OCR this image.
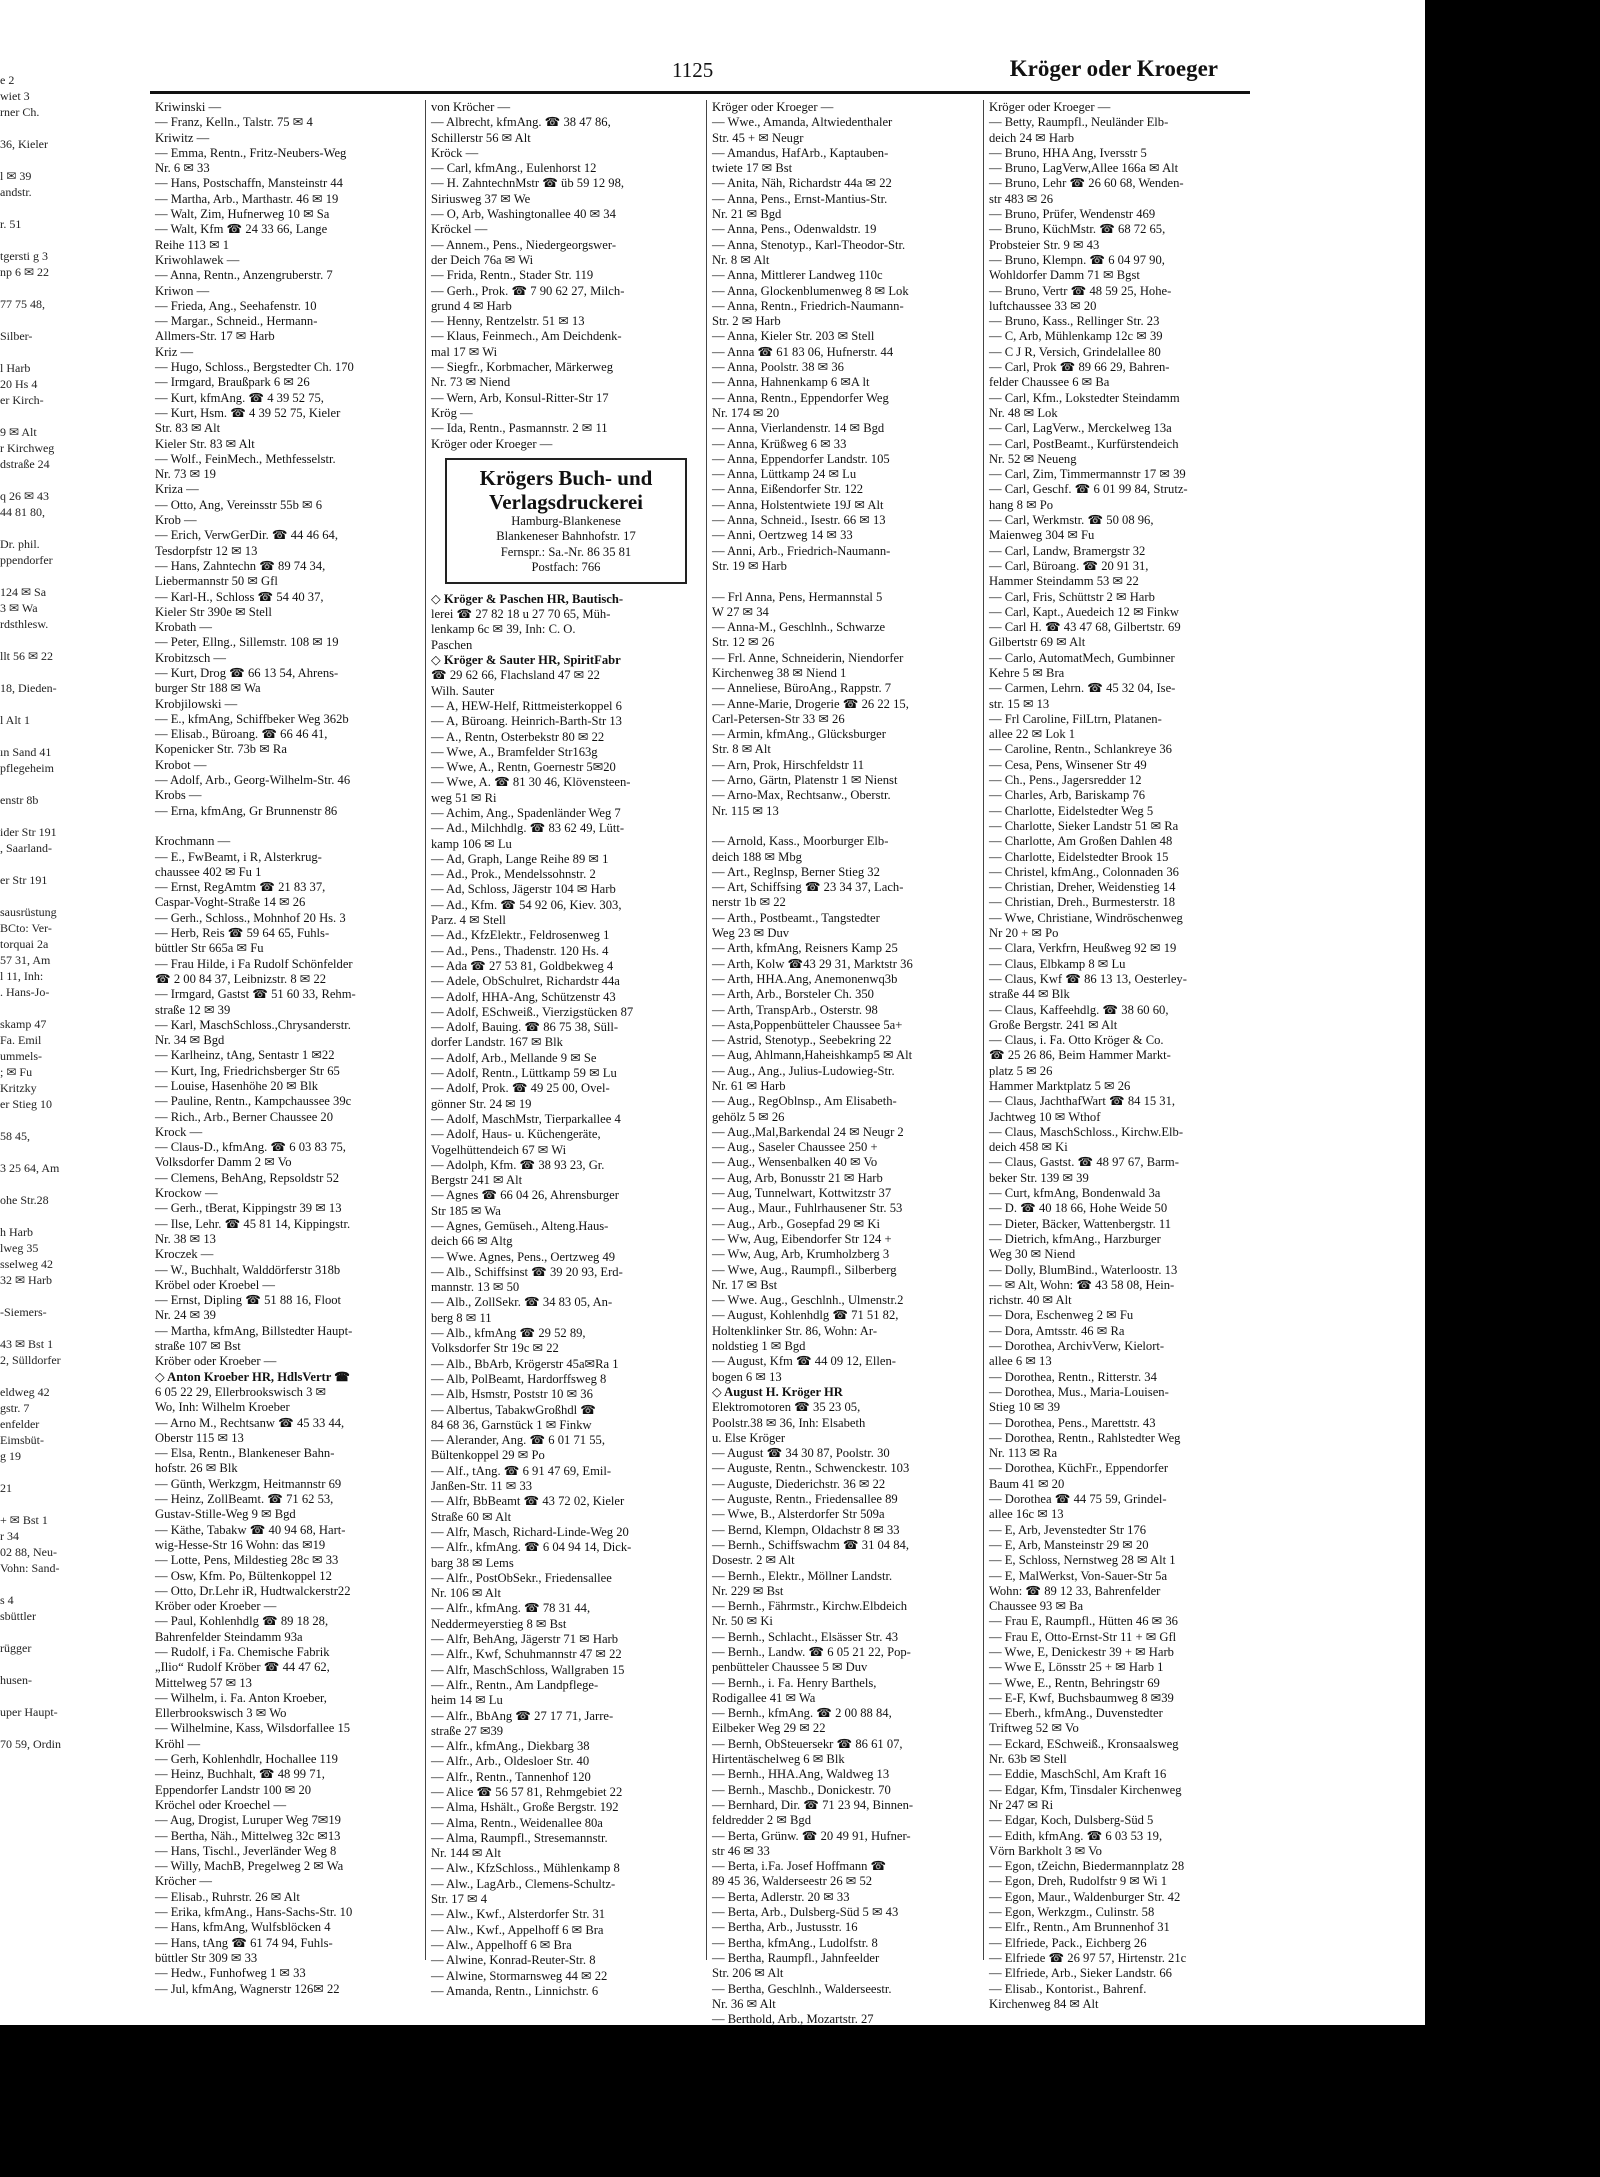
e 2
wiet 3
rner Ch.

36, Kieler

l ✉ 39
andstr.

r. 51

tgersti g 3
np 6 ✉ 22

77 75 48,

Silber-

l Harb
20 Hs 4
er Kirch-

9 ✉ Alt
r Kirchweg
dstraße 24

q 26 ✉ 43
44 81 80,

Dr. phil.
ppendorfer

124 ✉ Sa
3 ✉ Wa
rdsthlesw.

llt 56 ✉ 22

18, Dieden-

l Alt 1

ın Sand 41
pflegeheim

enstr 8b

ider Str 191
, Saarland-

er Str 191

sausrüstung
BCto: Ver-
torquai 2a
57 31, Am
l 11, Inh:
. Hans-Jo-

skamp 47
Fa. Emil
ummels-
; ✉ Fu
Kritzky
er Stieg 10

58 45,

3 25 64, Am

ohe Str.28

h Harb
lweg 35
sselweg 42
32 ✉ Harb

-Siemers-

43 ✉ Bst 1
2, Sülldorfer

eldweg 42
gstr. 7
enfelder
Eimsbüt-
g 19

21

+ ✉ Bst 1
r 34
02 88, Neu-
Vohn: Sand-

s 4
sbüttler

rügger

husen-

uper Haupt-

70 59, Ordin
1125	Kröger oder Kroeger
Kriwinski —
— Franz, Kelln., Talstr. 75 ✉ 4
Kriwitz —
— Emma, Rentn., Fritz-Neubers-Weg
Nr. 6 ✉ 33
— Hans, Postschaffn, Mansteinstr 44
— Martha, Arb., Marthastr. 46 ✉ 19
— Walt, Zim, Hufnerweg 10 ✉ Sa
— Walt, Kfm ☎ 24 33 66, Lange
Reihe 113 ✉ 1
Kriwohlawek —
— Anna, Rentn., Anzengruberstr. 7
Kriwon —
— Frieda, Ang., Seehafenstr. 10
— Margar., Schneid., Hermann-
Allmers-Str. 17 ✉ Harb
Kriz —
— Hugo, Schloss., Bergstedter Ch. 170
— Irmgard, Braußpark 6 ✉ 26
— Kurt, kfmAng. ☎ 4 39 52 75,
— Kurt, Hsm. ☎ 4 39 52 75, Kieler
Str. 83 ✉ Alt
Kieler Str. 83 ✉ Alt
— Wolf., FeinMech., Methfesselstr.
Nr. 73 ✉ 19
Kriza —
— Otto, Ang, Vereinsstr 55b ✉ 6
Krob —
— Erich, VerwGerDir. ☎ 44 46 64,
Tesdorpfstr 12 ✉ 13
— Hans, Zahntechn ☎ 89 74 34,
Liebermannstr 50 ✉ Gfl
— Karl-H., Schloss ☎ 54 40 37,
Kieler Str 390e ✉ Stell
Krobath —
— Peter, Ellng., Sillemstr. 108 ✉ 19
Krobitzsch —
— Kurt, Drog ☎ 66 13 54, Ahrens-
burger Str 188 ✉ Wa
Krobjilowski —
— E., kfmAng, Schiffbeker Weg 362b
— Elisab., Büroang. ☎ 66 46 41,
Kopenicker Str. 73b ✉ Ra
Krobot —
— Adolf, Arb., Georg-Wilhelm-Str. 46
Krobs —
— Erna, kfmAng, Gr Brunnenstr 86

Krochmann —
— E., FwBeamt, i R, Alsterkrug-
chaussee 402 ✉ Fu 1
— Ernst, RegAmtm ☎ 21 83 37,
Caspar-Voght-Straße 14 ✉ 26
— Gerh., Schloss., Mohnhof 20 Hs. 3
— Herb, Reis ☎ 59 64 65, Fuhls-
büttler Str 665a ✉ Fu
— Frau Hilde, i Fa Rudolf Schönfelder
☎ 2 00 84 37, Leibnizstr. 8 ✉ 22
— Irmgard, Gastst ☎ 51 60 33, Rehm-
straße 12 ✉ 39
— Karl, MaschSchloss.,Chrysanderstr.
Nr. 34 ✉ Bgd
— Karlheinz, tAng, Sentastr 1 ✉22
— Kurt, Ing, Friedrichsberger Str 65
— Louise, Hasenhöhe 20 ✉ Blk
— Pauline, Rentn., Kampchaussee 39c
— Rich., Arb., Berner Chaussee 20
Krock —
— Claus-D., kfmAng. ☎ 6 03 83 75,
Volksdorfer Damm 2 ✉ Vo
— Clemens, BehAng, Repsoldstr 52
Krockow —
— Gerh., tBerat, Kippingstr 39 ✉ 13
— Ilse, Lehr. ☎ 45 81 14, Kippingstr.
Nr. 38 ✉ 13
Kroczek —
— W., Buchhalt, Walddörferstr 318b
Kröbel oder Kroebel —
— Ernst, Dipling ☎ 51 88 16, Floot
Nr. 24 ✉ 39
— Martha, kfmAng, Billstedter Haupt-
straße 107 ✉ Bst
Kröber oder Kroeber —
◇ Anton Kroeber HR, HdlsVertr ☎
6 05 22 29, Ellerbrookswisch 3 ✉
Wo, Inh: Wilhelm Kroeber
— Arno M., Rechtsanw ☎ 45 33 44,
Oberstr 115 ✉ 13
— Elsa, Rentn., Blankeneser Bahn-
hofstr. 26 ✉ Blk
— Günth, Werkzgm, Heitmannstr 69
— Heinz, ZollBeamt. ☎ 71 62 53,
Gustav-Stille-Weg 9 ✉ Bgd
— Käthe, Tabakw ☎ 40 94 68, Hart-
wig-Hesse-Str 16 Wohn: das ✉19
— Lotte, Pens, Mildestieg 28c ✉ 33
— Osw, Kfm. Po, Bültenkoppel 12
— Otto, Dr.Lehr iR, Hudtwalckerstr22
Kröber oder Kroeber —
— Paul, Kohlenhdlg ☎ 89 18 28,
Bahrenfelder Steindamm 93a
— Rudolf, i Fa. Chemische Fabrik
„Ilio“ Rudolf Kröber ☎ 44 47 62,
Mittelweg 57 ✉ 13
— Wilhelm, i. Fa. Anton Kroeber,
Ellerbrookswisch 3 ✉ Wo
— Wilhelmine, Kass, Wilsdorfallee 15
Kröhl —
— Gerh, Kohlenhdlr, Hochallee 119
— Heinz, Buchhalt, ☎ 48 99 71,
Eppendorfer Landstr 100 ✉ 20
Kröchel oder Kroechel —
— Aug, Drogist, Luruper Weg 7✉19
— Bertha, Näh., Mittelweg 32c ✉13
— Hans, Tischl., Jeverländer Weg 8
— Willy, MachB, Pregelweg 2 ✉ Wa
Kröcher —
— Elisab., Ruhrstr. 26 ✉ Alt
— Erika, kfmAng., Hans-Sachs-Str. 10
— Hans, kfmAng, Wulfsblöcken 4
— Hans, tAng ☎ 61 74 94, Fuhls-
büttler Str 309 ✉ 33
— Hedw., Funhofweg 1 ✉ 33
— Jul, kfmAng, Wagnerstr 126✉ 22
von Kröcher —
— Albrecht, kfmAng. ☎ 38 47 86,
Schillerstr 56 ✉ Alt
Kröck —
— Carl, kfmAng., Eulenhorst 12
— H. ZahntechnMstr ☎ üb 59 12 98,
Siriusweg 37 ✉ We
— O, Arb, Washingtonallee 40 ✉ 34
Kröckel —
— Annem., Pens., Niedergeorgswer-
der Deich 76a ✉ Wi
— Frida, Rentn., Stader Str. 119
— Gerh., Prok. ☎ 7 90 62 27, Milch-
grund 4 ✉ Harb
— Henny, Rentzelstr. 51 ✉ 13
— Klaus, Feinmech., Am Deichdenk-
mal 17 ✉ Wi
— Siegfr., Korbmacher, Märkerweg
Nr. 73 ✉ Niend
— Wern, Arb, Konsul-Ritter-Str 17
Krög —
— Ida, Rentn., Pasmannstr. 2 ✉ 11
Kröger oder Kroeger —
Krögers Buch- und
Verlagsdruckerei
Hamburg-Blankenese
Blankeneser Bahnhofstr. 17
Fernspr.: Sa.-Nr. 86 35 81
Postfach: 766
◇ Kröger & Paschen HR, Bautisch-
lerei ☎ 27 82 18 u 27 70 65, Müh-
lenkamp 6c ✉ 39, Inh: C. O.
Paschen
◇ Kröger & Sauter HR, SpiritFabr
☎ 29 62 66, Flachsland 47 ✉ 22
Wilh. Sauter
— A, HEW-Helf, Rittmeisterkoppel 6
— A, Büroang. Heinrich-Barth-Str 13
— A., Rentn, Osterbekstr 80 ✉ 22
— Wwe, A., Bramfelder Str163g
— Wwe, A., Rentn, Goernestr 5✉20
— Wwe, A. ☎ 81 30 46, Klövensteen-
weg 51 ✉ Ri
— Achim, Ang., Spadenländer Weg 7
— Ad., Milchhdlg. ☎ 83 62 49, Lütt-
kamp 106 ✉ Lu
— Ad, Graph, Lange Reihe 89 ✉ 1
— Ad., Prok., Mendelssohnstr. 2
— Ad, Schloss, Jägerstr 104 ✉ Harb
— Ad., Kfm. ☎ 54 92 06, Kiev. 303,
Parz. 4 ✉ Stell
— Ad., KfzElektr., Feldrosenweg 1
— Ad., Pens., Thadenstr. 120 Hs. 4
— Ada ☎ 27 53 81, Goldbekweg 4
— Adele, ObSchulret, Richardstr 44a
— Adolf, HHA-Ang, Schützenstr 43
— Adolf, ESchweiß., Vierzigstücken 87
— Adolf, Bauing. ☎ 86 75 38, Süll-
dorfer Landstr. 167 ✉ Blk
— Adolf, Arb., Mellande 9 ✉ Se
— Adolf, Rentn., Lüttkamp 59 ✉ Lu
— Adolf, Prok. ☎ 49 25 00, Ovel-
gönner Str. 24 ✉ 19
— Adolf, MaschMstr, Tierparkallee 4
— Adolf, Haus- u. Küchengeräte,
Vogelhüttendeich 67 ✉ Wi
— Adolph, Kfm. ☎ 38 93 23, Gr.
Bergstr 241 ✉ Alt
— Agnes ☎ 66 04 26, Ahrensburger
Str 185 ✉ Wa
— Agnes, Gemüseh., Alteng.Haus-
deich 66 ✉ Altg
— Wwe. Agnes, Pens., Oertzweg 49
— Alb., Schiffsinst ☎ 39 20 93, Erd-
mannstr. 13 ✉ 50
— Alb., ZollSekr. ☎ 34 83 05, An-
berg 8 ✉ 11
— Alb., kfmAng ☎ 29 52 89,
Volksdorfer Str 19c ✉ 22
— Alb., BbArb, Krögerstr 45a✉Ra 1
— Alb, PolBeamt, Hardorffsweg 8
— Alb, Hsmstr, Poststr 10 ✉ 36
— Albertus, TabakwGroßhdl ☎
84 68 36, Garnstück 1 ✉ Finkw
— Alerander, Ang. ☎ 6 01 71 55,
Bültenkoppel 29 ✉ Po
— Alf., tAng. ☎ 6 91 47 69, Emil-
Janßen-Str. 11 ✉ 33
— Alfr, BbBeamt ☎ 43 72 02, Kieler
Straße 60 ✉ Alt
— Alfr, Masch, Richard-Linde-Weg 20
— Alfr., kfmAng. ☎ 6 04 94 14, Dick-
barg 38 ✉ Lems
— Alfr., PostObSekr., Friedensallee
Nr. 106 ✉ Alt
— Alfr., kfmAng. ☎ 78 31 44,
Neddermeyerstieg 8 ✉ Bst
— Alfr, BehAng, Jägerstr 71 ✉ Harb
— Alfr., Kwf, Schuhmannstr 47 ✉ 22
— Alfr, MaschSchloss, Wallgraben 15
— Alfr., Rentn., Am Landpflege-
heim 14 ✉ Lu
— Alfr., BbAng ☎ 27 17 71, Jarre-
straße 27 ✉39
— Alfr., kfmAng., Diekbarg 38
— Alfr., Arb., Oldesloer Str. 40
— Alfr., Rentn., Tannenhof 120
— Alice ☎ 56 57 81, Rehmgebiet 22
— Alma, Hshält., Große Bergstr. 192
— Alma, Rentn., Weidenallee 80a
— Alma, Raumpfl., Stresemannstr.
Nr. 144 ✉ Alt
— Alw., KfzSchloss., Mühlenkamp 8
— Alw., LagArb., Clemens-Schultz-
Str. 17 ✉ 4
— Alw., Kwf., Alsterdorfer Str. 31
— Alw., Kwf., Appelhoff 6 ✉ Bra
— Alw., Appelhoff 6 ✉ Bra
— Alwine, Konrad-Reuter-Str. 8
— Alwine, Stormarnsweg 44 ✉ 22
— Amanda, Rentn., Linnichstr. 6
Kröger oder Kroeger —
— Wwe., Amanda, Altwiedenthaler
Str. 45 + ✉ Neugr
— Amandus, HafArb., Kaptauben-
twiete 17 ✉ Bst
— Anita, Näh, Richardstr 44a ✉ 22
— Anna, Pens., Ernst-Mantius-Str.
Nr. 21 ✉ Bgd
— Anna, Pens., Odenwaldstr. 19
— Anna, Stenotyp., Karl-Theodor-Str.
Nr. 8 ✉ Alt
— Anna, Mittlerer Landweg 110c
— Anna, Glockenblumenweg 8 ✉ Lok
— Anna, Rentn., Friedrich-Naumann-
Str. 2 ✉ Harb
— Anna, Kieler Str. 203 ✉ Stell
— Anna ☎ 61 83 06, Hufnerstr. 44
— Anna, Poolstr. 38 ✉ 36
— Anna, Hahnenkamp 6 ✉A lt
— Anna, Rentn., Eppendorfer Weg
Nr. 174 ✉ 20
— Anna, Vierlandenstr. 14 ✉ Bgd
— Anna, Krüßweg 6 ✉ 33
— Anna, Eppendorfer Landstr. 105
— Anna, Lüttkamp 24 ✉ Lu
— Anna, Eißendorfer Str. 122
— Anna, Holstentwiete 19J ✉ Alt
— Anna, Schneid., Isestr. 66 ✉ 13
— Anni, Oertzweg 14 ✉ 33
— Anni, Arb., Friedrich-Naumann-
Str. 19 ✉ Harb

— Frl Anna, Pens, Hermannstal 5
W 27 ✉ 34
— Anna-M., Geschlnh., Schwarze
Str. 12 ✉ 26
— Frl. Anne, Schneiderin, Niendorfer
Kirchenweg 38 ✉ Niend 1
— Anneliese, BüroAng., Rappstr. 7
— Anne-Marie, Drogerie ☎ 26 22 15,
Carl-Petersen-Str 33 ✉ 26
— Armin, kfmAng., Glücksburger
Str. 8 ✉ Alt
— Arn, Prok, Hirschfeldstr 11
— Arno, Gärtn, Platenstr 1 ✉ Nienst
— Arno-Max, Rechtsanw., Oberstr.
Nr. 115 ✉ 13

— Arnold, Kass., Moorburger Elb-
deich 188 ✉ Mbg
— Art., Reglnsp, Berner Stieg 32
— Art, Schiffsing ☎ 23 34 37, Lach-
nerstr 1b ✉ 22
— Arth., Postbeamt., Tangstedter
Weg 23 ✉ Duv
— Arth, kfmAng, Reisners Kamp 25
— Arth, Kolw ☎43 29 31, Marktstr 36
— Arth, HHA.Ang, Anemonenwq3b
— Arth, Arb., Borsteler Ch. 350
— Arth, TranspArb., Osterstr. 98
— Asta,Poppenbütteler Chaussee 5a+
— Astrid, Stenotyp., Seebekring 22
— Aug, Ahlmann,Haheishkamp5 ✉ Alt
— Aug., Ang., Julius-Ludowieg-Str.
Nr. 61 ✉ Harb
— Aug., RegOblnsp., Am Elisabeth-
gehölz 5 ✉ 26
— Aug.,Mal,Barkendal 24 ✉ Neugr 2
— Aug., Saseler Chaussee 250 +
— Aug., Wensenbalken 40 ✉ Vo
— Aug, Arb, Bonusstr 21 ✉ Harb
— Aug, Tunnelwart, Kottwitzstr 37
— Aug., Maur., Fuhlrhausener Str. 53
— Aug., Arb., Gosepfad 29 ✉ Ki
— Ww, Aug, Eibendorfer Str 124 +
— Ww, Aug, Arb, Krumholzberg 3
— Wwe, Aug., Raumpfl., Silberberg
Nr. 17 ✉ Bst
— Wwe. Aug., Geschlnh., Ulmenstr.2
— August, Kohlenhdlg ☎ 71 51 82,
Holtenklinker Str. 86, Wohn: Ar-
noldstieg 1 ✉ Bgd
— August, Kfm ☎ 44 09 12, Ellen-
bogen 6 ✉ 13
◇ August H. Kröger HR
Elektromotoren ☎ 35 23 05,
Poolstr.38 ✉ 36, Inh: Elsabeth
u. Else Kröger
— August ☎ 34 30 87, Poolstr. 30
— Auguste, Rentn., Schwenckestr. 103
— Auguste, Diederichstr. 36 ✉ 22
— Auguste, Rentn., Friedensallee 89
— Wwe, B., Alsterdorfer Str 509a
— Bernd, Klempn, Oldachstr 8 ✉ 33
— Bernh., Schiffswachm ☎ 31 04 84,
Dosestr. 2 ✉ Alt
— Bernh., Elektr., Möllner Landstr.
Nr. 229 ✉ Bst
— Bernh., Fährmstr., Kirchw.Elbdeich
Nr. 50 ✉ Ki
— Bernh., Schlacht., Elsässer Str. 43
— Bernh., Landw. ☎ 6 05 21 22, Pop-
penbütteler Chaussee 5 ✉ Duv
— Bernh., i. Fa. Henry Barthels,
Rodigallee 41 ✉ Wa
— Bernh., kfmAng. ☎ 2 00 88 84,
Eilbeker Weg 29 ✉ 22
— Bernh, ObSteuersekr ☎ 86 61 07,
Hirtentäschelweg 6 ✉ Blk
— Bernh., HHA.Ang, Waldweg 13
— Bernh., Maschb., Donickestr. 70
— Bernhard, Dir. ☎ 71 23 94, Binnen-
feldredder 2 ✉ Bgd
— Berta, Grünw. ☎ 20 49 91, Hufner-
str 46 ✉ 33
— Berta, i.Fa. Josef Hoffmann ☎
89 45 36, Walderseestr 26 ✉ 52
— Berta, Adlerstr. 20 ✉ 33
— Berta, Arb., Dulsberg-Süd 5 ✉ 43
— Bertha, Arb., Justusstr. 16
— Bertha, kfmAng., Ludolfstr. 8
— Bertha, Raumpfl., Jahnfeelder
Str. 206 ✉ Alt
— Bertha, Geschlnh., Walderseestr.
Nr. 36 ✉ Alt
— Berthold, Arb., Mozartstr. 27
Kröger oder Kroeger —
— Betty, Raumpfl., Neuländer Elb-
deich 24 ✉ Harb
— Bruno, HHA Ang, Iversstr 5
— Bruno, LagVerw,Allee 166a ✉ Alt
— Bruno, Lehr ☎ 26 60 68, Wenden-
str 483 ✉ 26
— Bruno, Prüfer, Wendenstr 469
— Bruno, KüchMstr. ☎ 68 72 65,
Probsteier Str. 9 ✉ 43
— Bruno, Klempn. ☎ 6 04 97 90,
Wohldorfer Damm 71 ✉ Bgst
— Bruno, Vertr ☎ 48 59 25, Hohe-
luftchaussee 33 ✉ 20
— Bruno, Kass., Rellinger Str. 23
— C, Arb, Mühlenkamp 12c ✉ 39
— C J R, Versich, Grindelallee 80
— Carl, Prok ☎ 89 66 29, Bahren-
felder Chaussee 6 ✉ Ba
— Carl, Kfm., Lokstedter Steindamm
Nr. 48 ✉ Lok
— Carl, LagVerw., Merckelweg 13a
— Carl, PostBeamt., Kurfürstendeich
Nr. 52 ✉ Neueng
— Carl, Zim, Timmermannstr 17 ✉ 39
— Carl, Geschf. ☎ 6 01 99 84, Strutz-
hang 8 ✉ Po
— Carl, Werkmstr. ☎ 50 08 96,
Maienweg 304 ✉ Fu
— Carl, Landw, Bramergstr 32
— Carl, Büroang. ☎ 20 91 31,
Hammer Steindamm 53 ✉ 22
— Carl, Fris, Schüttstr 2 ✉ Harb
— Carl, Kapt., Auedeich 12 ✉ Finkw
— Carl H. ☎ 43 47 68, Gilbertstr. 69
Gilbertstr 69 ✉ Alt
— Carlo, AutomatMech, Gumbinner
Kehre 5 ✉ Bra
— Carmen, Lehrn. ☎ 45 32 04, Ise-
str. 15 ✉ 13
— Frl Caroline, FilLtrn, Platanen-
allee 22 ✉ Lok 1
— Caroline, Rentn., Schlankreye 36
— Cesa, Pens, Winsener Str 49
— Ch., Pens., Jagersredder 12
— Charles, Arb, Bariskamp 76
— Charlotte, Eidelstedter Weg 5
— Charlotte, Sieker Landstr 51 ✉ Ra
— Charlotte, Am Großen Dahlen 48
— Charlotte, Eidelstedter Brook 15
— Christel, kfmAng., Colonnaden 36
— Christian, Dreher, Weidenstieg 14
— Christian, Dreh., Burmesterstr. 18
— Wwe, Christiane, Windröschenweg
Nr 20 + ✉ Po
— Clara, Verkfrn, Heußweg 92 ✉ 19
— Claus, Elbkamp 8 ✉ Lu
— Claus, Kwf ☎ 86 13 13, Oesterley-
straße 44 ✉ Blk
— Claus, Kaffeehdlg. ☎ 38 60 60,
Große Bergstr. 241 ✉ Alt
— Claus, i. Fa. Otto Kröger & Co.
☎ 25 26 86, Beim Hammer Markt-
platz 5 ✉ 26
Hammer Marktplatz 5 ✉ 26
— Claus, JachthafWart ☎ 84 15 31,
Jachtweg 10 ✉ Wthof
— Claus, MaschSchloss., Kirchw.Elb-
deich 458 ✉ Ki
— Claus, Gastst. ☎ 48 97 67, Barm-
beker Str. 139 ✉ 39
— Curt, kfmAng, Bondenwald 3a
— D. ☎ 40 18 66, Hohe Weide 50
— Dieter, Bäcker, Wattenbergstr. 11
— Dietrich, kfmAng., Harzburger
Weg 30 ✉ Niend
— Dolly, BlumBind., Waterloostr. 13
— ✉ Alt, Wohn: ☎ 43 58 08, Hein-
richstr. 40 ✉ Alt
— Dora, Eschenweg 2 ✉ Fu
— Dora, Amtsstr. 46 ✉ Ra
— Dorothea, ArchivVerw, Kielort-
allee 6 ✉ 13
— Dorothea, Rentn., Ritterstr. 34
— Dorothea, Mus., Maria-Louisen-
Stieg 10 ✉ 39
— Dorothea, Pens., Marettstr. 43
— Dorothea, Rentn., Rahlstedter Weg
Nr. 113 ✉ Ra
— Dorothea, KüchFr., Eppendorfer
Baum 41 ✉ 20
— Dorothea ☎ 44 75 59, Grindel-
allee 16c ✉ 13
— E, Arb, Jevenstedter Str 176
— E, Arb, Mansteinstr 29 ✉ 20
— E, Schloss, Nernstweg 28 ✉ Alt 1
— E, MalWerkst, Von-Sauer-Str 5a
Wohn: ☎ 89 12 33, Bahrenfelder
Chaussee 93 ✉ Ba
— Frau E, Raumpfl., Hütten 46 ✉ 36
— Frau E, Otto-Ernst-Str 11 + ✉ Gfl
— Wwe, E, Denickestr 39 + ✉ Harb
— Wwe E, Lönsstr 25 + ✉ Harb 1
— Wwe, E., Rentn, Behringstr 69
— E-F, Kwf, Buchsbaumweg 8 ✉39
— Eberh., kfmAng., Duvenstedter
Triftweg 52 ✉ Vo
— Eckard, ESchweiß., Kronsaalsweg
Nr. 63b ✉ Stell
— Eddie, MaschSchl, Am Kraft 16
— Edgar, Kfm, Tinsdaler Kirchenweg
Nr 247 ✉ Ri
— Edgar, Koch, Dulsberg-Süd 5
— Edith, kfmAng. ☎ 6 03 53 19,
Vörn Barkholt 3 ✉ Vo
— Egon, tZeichn, Biedermannplatz 28
— Egon, Dreh, Rudolfstr 9 ✉ Wi 1
— Egon, Maur., Waldenburger Str. 42
— Egon, Werkzgm., Culinstr. 58
— Elfr., Rentn., Am Brunnenhof 31
— Elfriede, Pack., Eichberg 26
— Elfriede ☎ 26 97 57, Hirtenstr. 21c
— Elfriede, Arb., Sieker Landstr. 66
— Elisab., Kontorist., Bahrenf.
Kirchenweg 84 ✉ Alt
